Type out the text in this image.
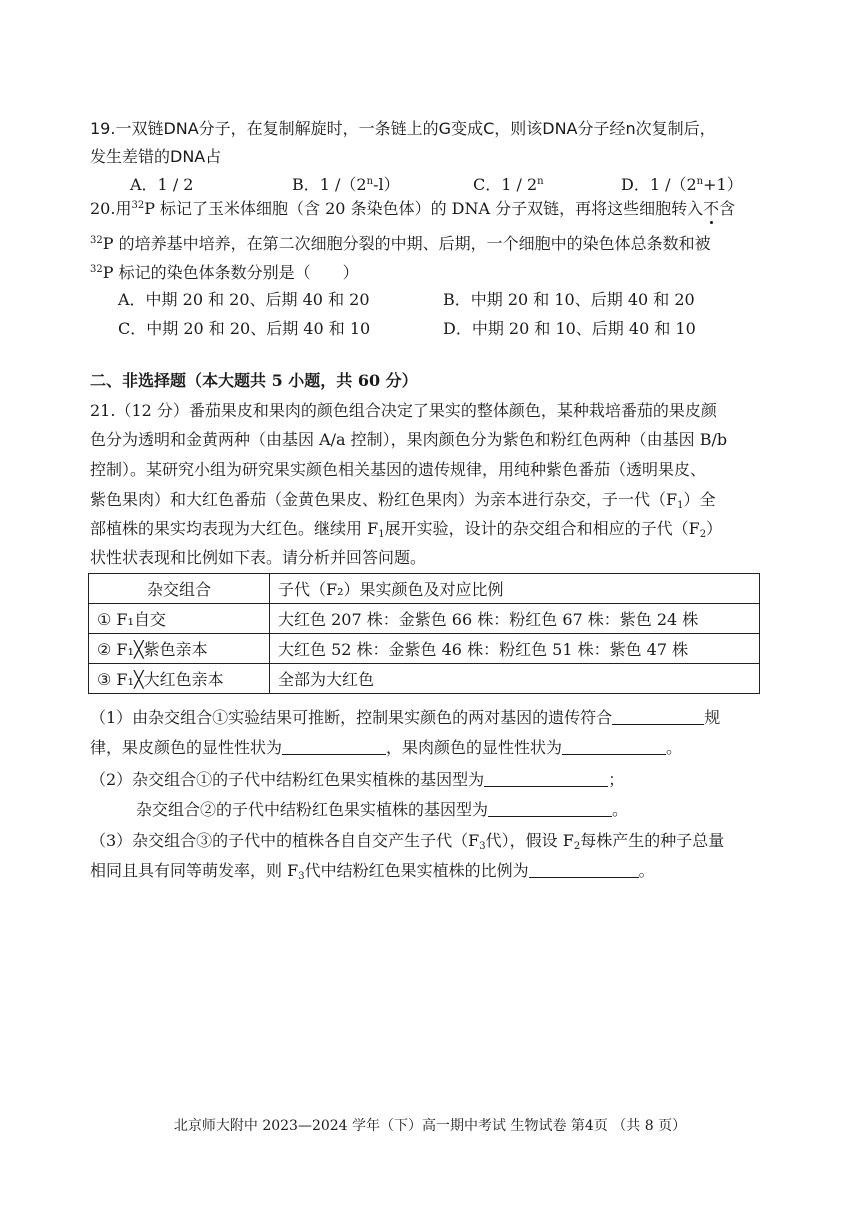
19.一双链DNA分子，在复制解旋时，一条链上的G变成C，则该DNA分子经n次复制后，
发生差错的DNA占
A．1 / 2	B．1 /（2$^n$-l）	C．1 / 2$^n$	D．1 $/(2^n+1)$
20.用$^{32}$P 标记了玉米体细胞（含 20 条染色体）的 DNA 分子双链，再将这些细胞转入不含
$^{32}$P 的培养基中培养，在第二次细胞分裂的中期、后期，一个细胞中的染色体总条数和被
$^{32}$P 标记的染色体条数分别是（　　）
A．中期 20 和 20、后期 40 和 20	B．中期 20 和 10、后期 40 和 20
C．中期 20 和 20、后期 40 和 10	D．中期 20 和 10、后期 40 和 10
二、非选择题（本大题共 5 小题，共 60 分）
21.（12 分）番茄果皮和果肉的颜色组合决定了果实的整体颜色，某种栽培番茄的果皮颜
色分为透明和金黄两种（由基因 A/a 控制），果肉颜色分为紫色和粉红色两种（由基因 B/b
控制）。某研究小组为研究果实颜色相关基因的遗传规律，用纯种紫色番茄（透明果皮、
紫色果肉）和大红色番茄（金黄色果皮、粉红色果肉）为亲本进行杂交，子一代$(F_1)$全
部植株的果实均表现为大红色。继续用 $F_1$展开实验，设计的杂交组合和相应的子代$(F_2)$
状性状表现和比例如下表。请分析并回答问题。
杂交组合	子代（F₂）果实颜色及对应比例
① F₁自交	大红色 207 株：金紫色 66 株：粉红色 67 株：紫色 24 株
② F₁╳紫色亲本	大红色 52 株：金紫色 46 株：粉红色 51 株：紫色 47 株
③ F₁╳大红色亲本	全部为大红色
（1）由杂交组合①实验结果可推断，控制果实颜色的两对基因的遗传符合	规
律，果皮颜色的显性性状为	，果肉颜色的显性性状为	。
（2）杂交组合①的子代中结粉红色果实植株的基因型为	；
杂交组合②的子代中结粉红色果实植株的基因型为	。
（3）杂交组合③的子代中的植株各自自交产生子代（$F_3$代），假设 $F_2$每株产生的种子总量
相同且具有同等萌发率，则 $F_3$代中结粉红色果实植株的比例为	。
北京师大附中 2023—2024 学年（下）高一期中考试 生物试卷 第4页 （共 8 页）
